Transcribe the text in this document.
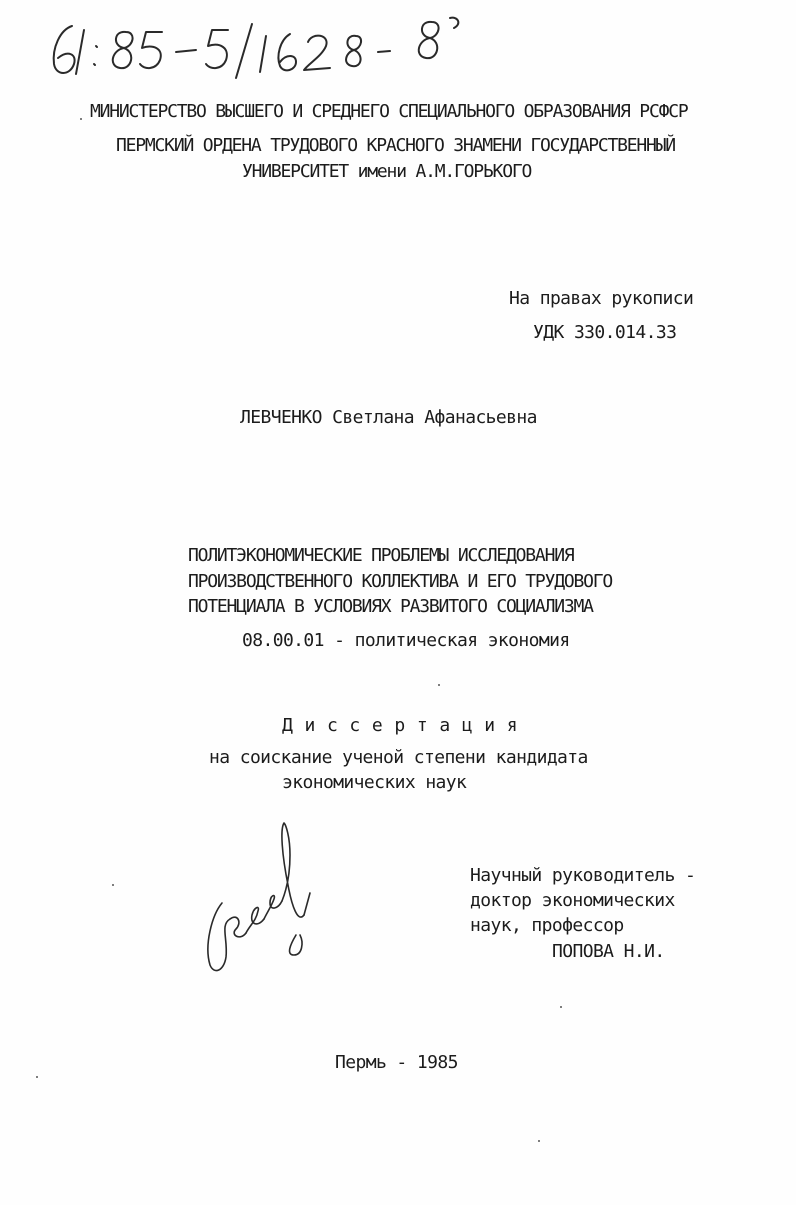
МИНИСТЕРСТВО ВЫСШЕГО И СРЕДНЕГО СПЕЦИАЛЬНОГО ОБРАЗОВАНИЯ РСФСР
ПЕРМСКИЙ ОРДЕНА ТРУДОВОГО КРАСНОГО ЗНАМЕНИ ГОСУДАРСТВЕННЫЙ
УНИВЕРСИТЕТ имени А.М.ГОРЬКОГО
На правах рукописи
УДК 330.014.33
ЛЕВЧЕНКО Светлана Афанасьевна
ПОЛИТЭКОНОМИЧЕСКИЕ ПРОБЛЕМЫ ИССЛЕДОВАНИЯ
ПРОИЗВОДСТВЕННОГО КОЛЛЕКТИВА И ЕГО ТРУДОВОГО
ПОТЕНЦИАЛА В УСЛОВИЯХ РАЗВИТОГО СОЦИАЛИЗМА
08.00.01 - политическая экономия
Д и с с е р т а ц и я
на соискание ученой степени кандидата
экономических наук
Научный руководитель -
доктор экономических
наук, профессор
ПОПОВА Н.И.
Пермь - 1985
